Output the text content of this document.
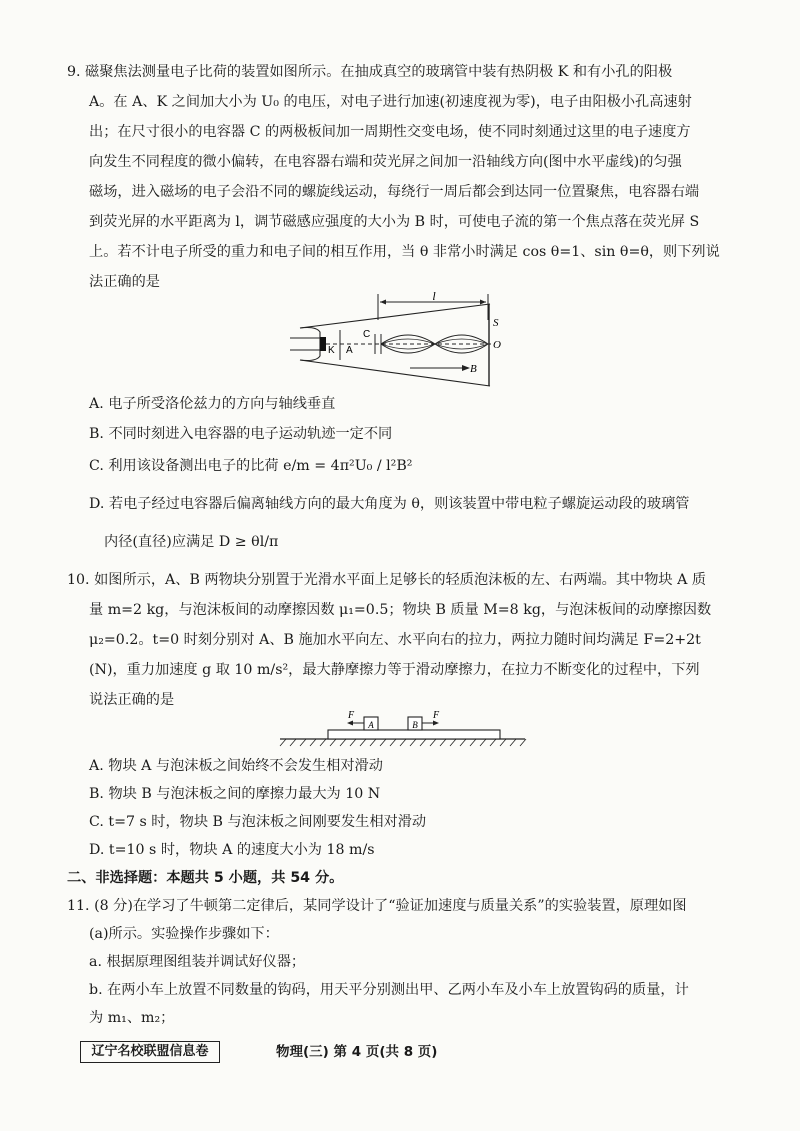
9. 磁聚焦法测量电子比荷的装置如图所示。在抽成真空的玻璃管中装有热阴极 K 和有小孔的阳极
A。在 A、K 之间加大小为 U₀ 的电压，对电子进行加速(初速度视为零)，电子由阳极小孔高速射
出；在尺寸很小的电容器 C 的两极板间加一周期性交变电场，使不同时刻通过这里的电子速度方
向发生不同程度的微小偏转，在电容器右端和荧光屏之间加一沿轴线方向(图中水平虚线)的匀强
磁场，进入磁场的电子会沿不同的螺旋线运动，每绕行一周后都会到达同一位置聚焦，电容器右端
到荧光屏的水平距离为 l，调节磁感应强度的大小为 B 时，可使电子流的第一个焦点落在荧光屏 S
上。若不计电子所受的重力和电子间的相互作用，当 θ 非常小时满足 cos θ=1、sin θ=θ，则下列说
法正确的是
l
K A
C
S
O
B
A. 电子所受洛伦兹力的方向与轴线垂直
B. 不同时刻进入电容器的电子运动轨迹一定不同
C. 利用该设备测出电子的比荷 e/m = 4π²U₀ / l²B²
D. 若电子经过电容器后偏离轴线方向的最大角度为 θ，则该装置中带电粒子螺旋运动段的玻璃管
内径(直径)应满足 D ≥ θl/π
10. 如图所示，A、B 两物块分别置于光滑水平面上足够长的轻质泡沫板的左、右两端。其中物块 A 质
量 m=2 kg，与泡沫板间的动摩擦因数 μ₁=0.5；物块 B 质量 M=8 kg，与泡沫板间的动摩擦因数
μ₂=0.2。t=0 时刻分别对 A、B 施加水平向左、水平向右的拉力，两拉力随时间均满足 F=2+2t
(N)，重力加速度 g 取 10 m/s²，最大静摩擦力等于滑动摩擦力，在拉力不断变化的过程中，下列
说法正确的是
A	B
F	F
A. 物块 A 与泡沫板之间始终不会发生相对滑动
B. 物块 B 与泡沫板之间的摩擦力最大为 10 N
C. t=7 s 时，物块 B 与泡沫板之间刚要发生相对滑动
D. t=10 s 时，物块 A 的速度大小为 18 m/s
二、非选择题：本题共 5 小题，共 54 分。
11. (8 分)在学习了牛顿第二定律后，某同学设计了“验证加速度与质量关系”的实验装置，原理如图
(a)所示。实验操作步骤如下：
a. 根据原理图组装并调试好仪器；
b. 在两小车上放置不同数量的钩码，用天平分别测出甲、乙两小车及小车上放置钩码的质量，计
为 m₁、m₂；
辽宁名校联盟信息卷	物理(三) 第 4 页(共 8 页)
